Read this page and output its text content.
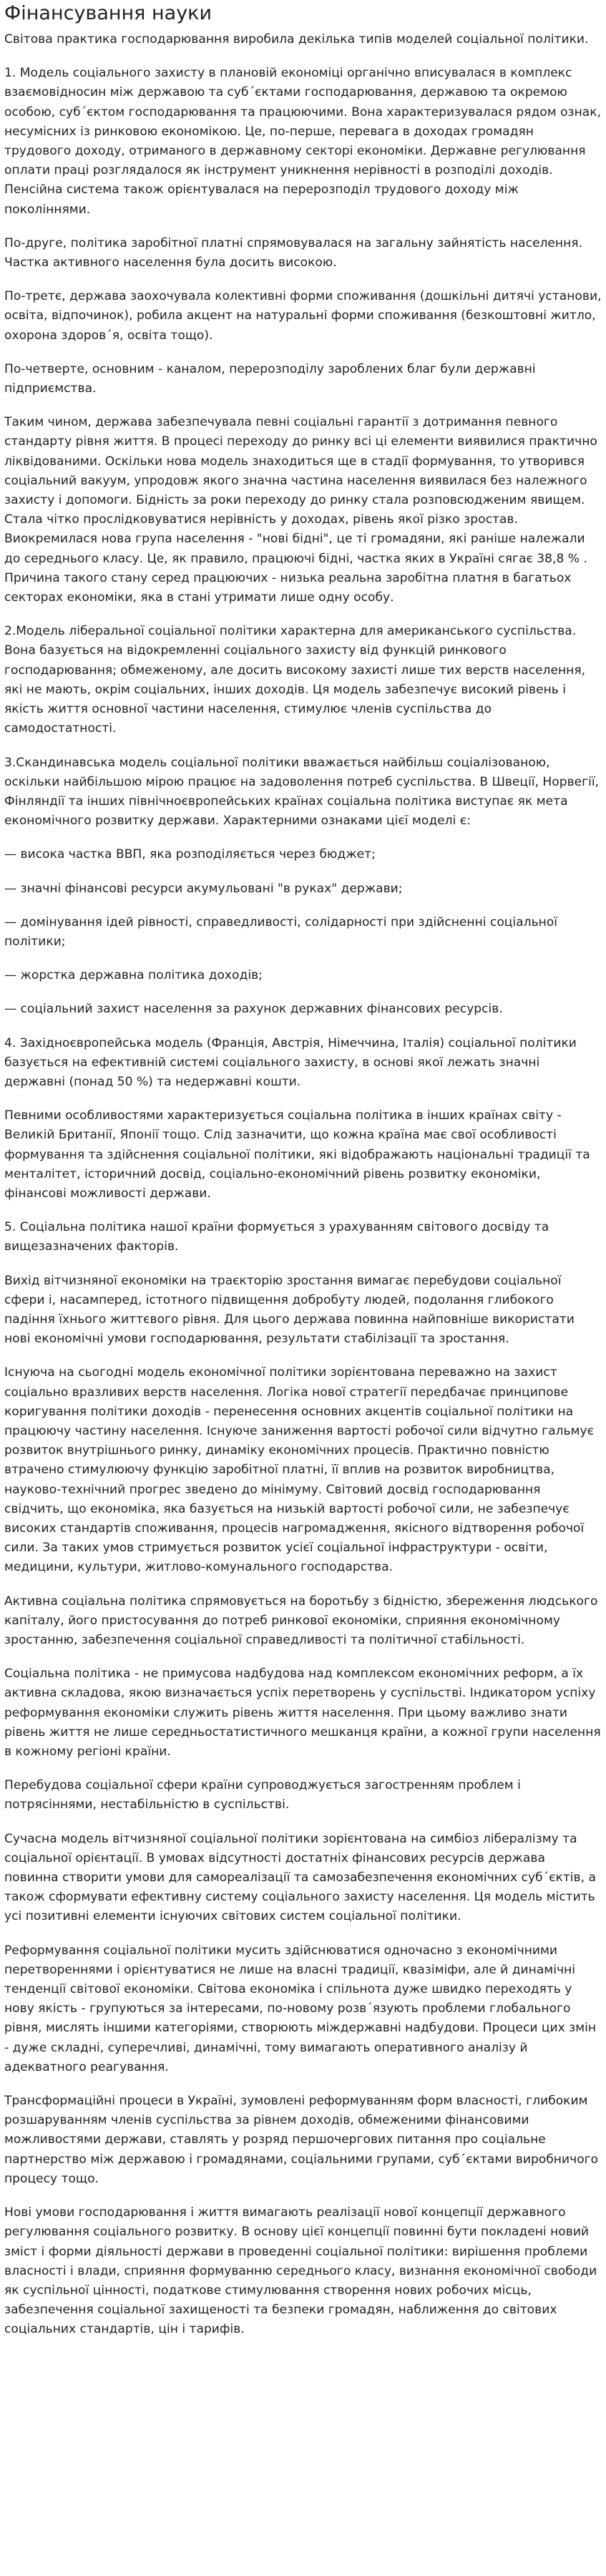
Фінансування науки

Світова практика господарювання виробила декілька типів моделей соціальної політики.

1. Модель соціального захисту в плановій економіці органічно вписувалася в комплекс взаємовідносин між державою та суб´єктами господарювання, державою та окремою особою, суб´єктом господарювання та працюючими. Вона характеризувалася рядом ознак, несумісних із ринковою економікою. Це, по-перше, перевага в доходах громадян трудового доходу, отриманого в державному секторі економіки. Державне регулювання оплати праці розглядалося як інструмент уникнення нерівності в розподілі доходів. Пенсійна система також орієнтувалася на перерозподіл трудового доходу між поколіннями.

По-друге, політика заробітної платні спрямовувалася на загальну зайнятість населення. Частка активного населення була досить високою.

По-третє, держава заохочувала колективні форми споживання (дошкільні дитячі установи, освіта, відпочинок), робила акцент на натуральні форми споживання (безкоштовні житло, охорона здоров´я, освіта тощо).

По-четверте, основним - каналом, перерозподілу зароблених благ були державні підприємства.

Таким чином, держава забезпечувала певні соціальні гарантії з дотримання певного стандарту рівня життя. В процесі переходу до ринку всі ці елементи виявилися практично ліквідованими. Оскільки нова модель знаходиться ще в стадії формування, то утворився соціальний вакуум, упродовж якого значна частина населення виявилася без належного захисту і допомоги. Бідність за роки переходу до ринку стала розповсюдженим явищем. Стала чітко прослідковуватися нерівність у доходах, рівень якої різко зростав. Виокремилася нова група населення - "нові бідні", це ті громадяни, які раніше належали до середнього класу. Це, як правило, працюючі бідні, частка яких в Україні сягає 38,8 % . Причина такого стану серед працюючих - низька реальна заробітна платня в багатьох секторах економіки, яка в стані утримати лише одну особу.

2.Модель ліберальної соціальної політики характерна для американського суспільства. Вона базується на відокремленні соціального захисту від функцій ринкового господарювання; обмеженому, але досить високому захисті лише тих верств населення, які не мають, окрім соціальних, інших доходів. Ця модель забезпечує високий рівень і якість життя основної частини населення, стимулює членів суспільства до самодостатності.

3.Скандинавська модель соціальної політики вважається найбільш соціалізованою, оскільки найбільшою мірою працює на задоволення потреб суспільства. В Швеції, Норвегії, Фінляндії та інших північноєвропейських країнах соціальна політика виступає як мета економічного розвитку держави. Характерними ознаками цієї моделі є:

— висока частка ВВП, яка розподіляється через бюджет;

— значні фінансові ресурси акумульовані "в руках" держави;

— домінування ідей рівності, справедливості, солідарності при здійсненні соціальної політики;

— жорстка державна політика доходів;

— соціальний захист населення за рахунок державних фінансових ресурсів.

4. Західноєвропейська модель (Франція, Австрія, Німеччина, Італія) соціальної політики базується на ефективній системі соціального захисту, в основі якої лежать значні державні (понад 50 %) та недержавні кошти.

Певними особливостями характеризується соціальна політика в інших країнах світу - Великій Британії, Японії тощо. Слід зазначити, що кожна країна має свої особливості формування та здійснення соціальної політики, які відображають національні традиції та менталітет, історичний досвід, соціально-економічний рівень розвитку економіки, фінансові можливості держави.

5. Соціальна політика нашої країни формується з урахуванням світового досвіду та вищезазначених факторів.

Вихід вітчизняної економіки на траєкторію зростання вимагає перебудови соціальної сфери і, насамперед, істотного підвищення добробуту людей, подолання глибокого падіння їхнього життєвого рівня. Для цього держава повинна найповніше використати нові економічні умови господарювання, результати стабілізації та зростання.

Існуюча на сьогодні модель економічної політики зорієнтована переважно на захист соціально вразливих верств населення. Логіка нової стратегії передбачає принципове коригування політики доходів - перенесення основних акцентів соціальної політики на працюючу частину населення. Існуюче заниження вартості робочої сили відчутно гальмує розвиток внутрішнього ринку, динаміку економічних процесів. Практично повністю втрачено стимулюючу функцію заробітної платні, її вплив на розвиток виробництва, науково-технічний прогрес зведено до мінімуму. Світовий досвід господарювання свідчить, що економіка, яка базується на низькій вартості робочої сили, не забезпечує високих стандартів споживання, процесів нагромадження, якісного відтворення робочої сили. За таких умов стримується розвиток усієї соціальної інфраструктури - освіти, медицини, культури, житлово-комунального господарства.

Активна соціальна політика спрямовується на боротьбу з бідністю, збереження людського капіталу, його пристосування до потреб ринкової економіки, сприяння економічному зростанню, забезпечення соціальної справедливості та політичної стабільності.

Соціальна політика - не примусова надбудова над комплексом економічних реформ, а їх активна складова, якою визначається успіх перетворень у суспільстві. Індикатором успіху реформування економіки служить рівень життя населення. При цьому важливо знати рівень життя не лише середньостатистичного мешканця країни, а кожної групи населення в кожному регіоні країни.

Перебудова соціальної сфери країни супроводжується загостренням проблем і потрясіннями, нестабільністю в суспільстві.

Сучасна модель вітчизняної соціальної політики зорієнтована на симбіоз лібералізму та соціальної орієнтації. В умовах відсутності достатніх фінансових ресурсів держава повинна створити умови для самореалізації та самозабезпечення економічних суб´єктів, а також сформувати ефективну систему соціального захисту населення. Ця модель містить усі позитивні елементи існуючих світових систем соціальної політики.

Реформування соціальної політики мусить здійснюватися одночасно з економічними перетвореннями і орієнтуватися не лише на власні традиції, квазіміфи, але й динамічні тенденції світової економіки. Світова економіка і спільнота дуже швидко переходять у нову якість - групуються за інтересами, по-новому розв´язують проблеми глобального рівня, мислять іншими категоріями, створюють міждержавні надбудови. Процеси цих змін - дуже складні, суперечливі, динамічні, тому вимагають оперативного аналізу й адекватного реагування.

Трансформаційні процеси в Україні, зумовлені реформуванням форм власності, глибоким розшаруванням членів суспільства за рівнем доходів, обмеженими фінансовими можливостями держави, ставлять у розряд першочергових питання про соціальне партнерство між державою і громадянами, соціальними групами, суб´єктами виробничого процесу тощо.

Нові умови господарювання і життя вимагають реалізації нової концепції державного регулювання соціального розвитку. В основу цієї концепції повинні бути покладені новий зміст і форми діяльності держави в проведенні соціальної політики: вирішення проблеми власності і влади, сприяння формуванню середнього класу, визнання економічної свободи як суспільної цінності, податкове стимулювання створення нових робочих місць, забезпечення соціальної захищеності та безпеки громадян, наближення до світових соціальних стандартів, цін і тарифів.
